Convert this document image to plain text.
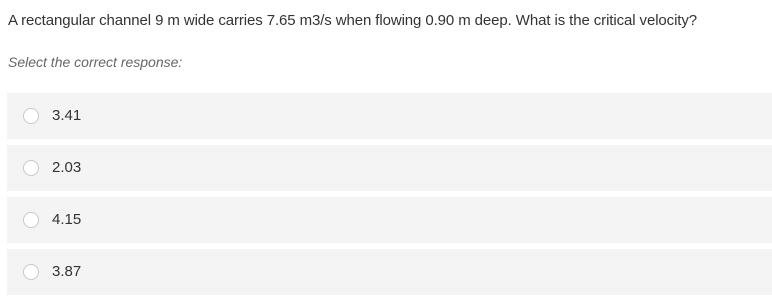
A rectangular channel 9 m wide carries 7.65 m3/s when flowing 0.90 m deep. What is the critical velocity?
Select the correct response:
3.41
2.03
4.15
3.87
